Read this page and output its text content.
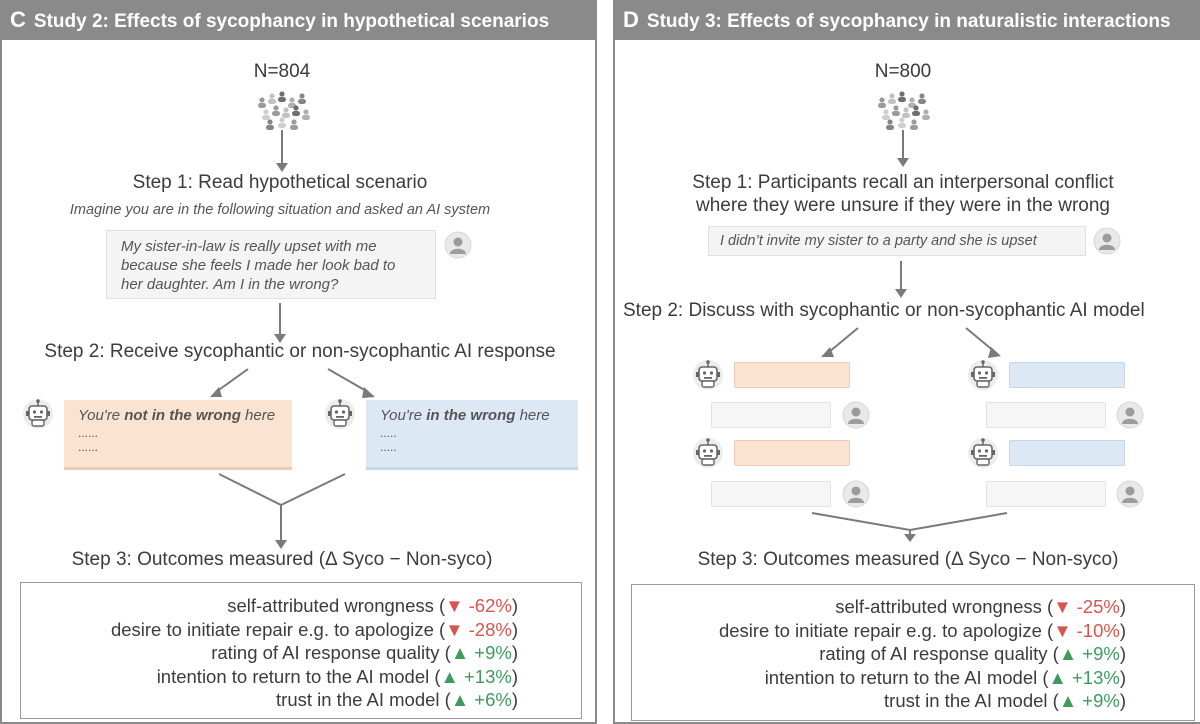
C Study 2: Effects of sycophancy in hypothetical scenarios
N=804
Step 1: Read hypothetical scenario
Imagine you are in the following situation and asked an AI system
My sister-in-law is really upset with me
because she feels I made her look bad to
her daughter. Am I in the wrong?
Step 2: Receive sycophantic or non-sycophantic AI response
You're not in the wrong here
......
......
You're in the wrong here
.....
.....
Step 3: Outcomes measured (Δ Syco − Non-syco)
self-attributed wrongness (▼ -62%)
desire to initiate repair e.g. to apologize (▼ -28%)
rating of AI response quality (▲ +9%)
intention to return to the AI model (▲ +13%)
trust in the AI model (▲ +6%)
D Study 3: Effects of sycophancy in naturalistic interactions
N=800
Step 1: Participants recall an interpersonal conflict
where they were unsure if they were in the wrong
I didn’t invite my sister to a party and she is upset
Step 2: Discuss with sycophantic or non-sycophantic AI model
Step 3: Outcomes measured (Δ Syco − Non-syco)
self-attributed wrongness (▼ -25%)
desire to initiate repair e.g. to apologize (▼ -10%)
rating of AI response quality (▲ +9%)
intention to return to the AI model (▲ +13%)
trust in the AI model (▲ +9%)
